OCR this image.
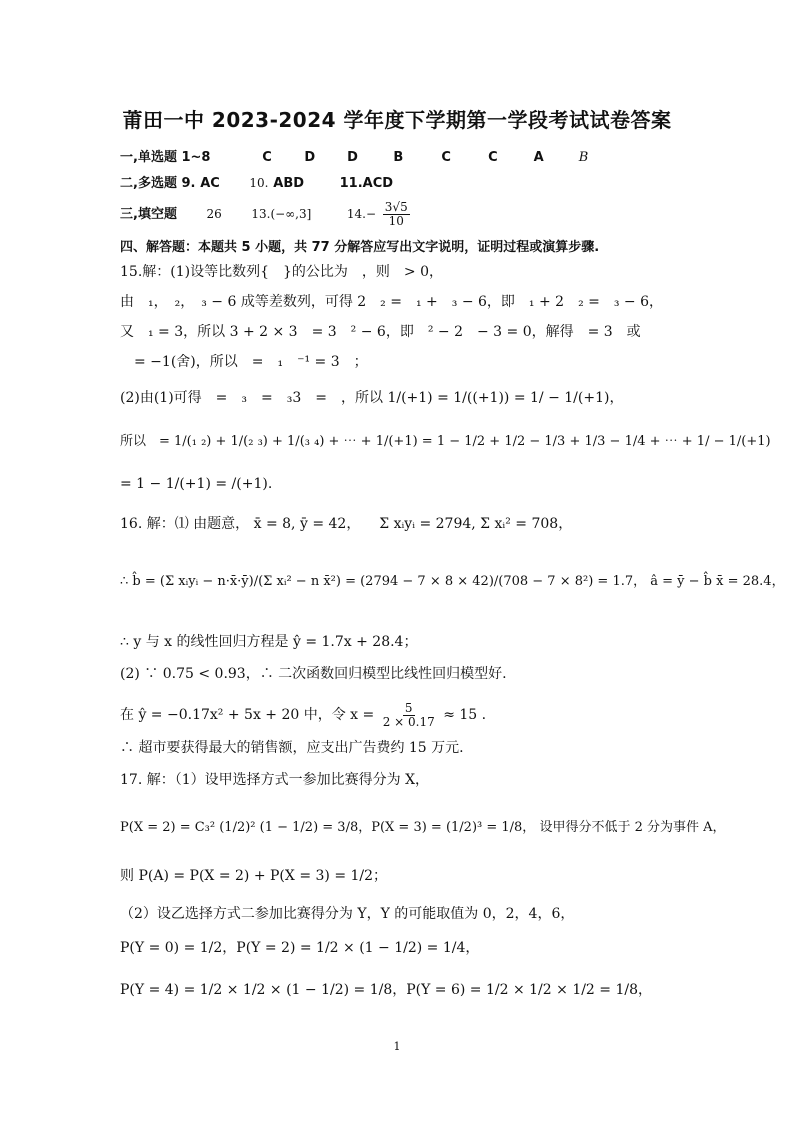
莆田一中 2023-2024 学年度下学期第一学段考试试卷答案
一,单选题 1~8	C	D D	B	C	C	A	B
二,多选题 9. AC 10. ABD	11.ACD
三,填空题 26 13.(−∞,3]	$14.- \frac{3√5}{10}$
四、解答题：本题共 5 小题，共 77 分解答应写出文字说明，证明过程或演算步骤.
15.解：(1)设等比数列{　}的公比为　，则　> 0，
由　₁，　₂，　₃ − 6 成等差数列，可得 2　₂ =　₁ +　₃ − 6，即　₁ + 2　₂ =　₃ − 6，
又　₁ = 3，所以 3 + 2 × 3　= 3　² − 6，即　² − 2　− 3 = 0，解得　= 3　或
　= −1(舍)，所以　=　₁　⁻¹ = 3　；
(2)由(1)可得　=　₃　=　₃3　=　，所以 1/(+1) = 1/((+1)) = 1/ − 1/(+1)，
所以　= 1/(₁ ₂) + 1/(₂ ₃) + 1/(₃ ₄) + ⋯ + 1/(+1) = 1 − 1/2 + 1/2 − 1/3 + 1/3 − 1/4 + ⋯ + 1/ − 1/(+1)
= 1 − 1/(+1) = /(+1).
16. 解：⑴ 由题意， x̄ = 8, ȳ = 42， Σ xᵢyᵢ = 2794, Σ xᵢ² = 708，
∴ b̂ = (Σ xᵢyᵢ − n·x̄·ȳ)/(Σ xᵢ² − n x̄²) = (2794 − 7 × 8 × 42)/(708 − 7 × 8²) = 1.7， â = ȳ − b̂ x̄ = 28.4，
∴ y 与 x 的线性回归方程是 ŷ = 1.7x + 28.4；
(2) ∵ 0.75 < 0.93，∴ 二次函数回归模型比线性回归模型好.
在 ŷ = −0.17x² + 5x + 20 中，令 $x = \frac{5}{2 \times 0.17} \approx 15$ .
∴ 超市要获得最大的销售额，应支出广告费约 15 万元.
17. 解：（1）设甲选择方式一参加比赛得分为 X，
P(X = 2) = C₃² (1/2)² (1 − 1/2) = 3/8，P(X = 3) = (1/2)³ = 1/8， 设甲得分不低于 2 分为事件 A，
则 P(A) = P(X = 2) + P(X = 3) = 1/2；
（2）设乙选择方式二参加比赛得分为 Y，Y 的可能取值为 0，2，4，6，
P(Y = 0) = 1/2，P(Y = 2) = 1/2 × (1 − 1/2) = 1/4，
P(Y = 4) = 1/2 × 1/2 × (1 − 1/2) = 1/8，P(Y = 6) = 1/2 × 1/2 × 1/2 = 1/8，
1
